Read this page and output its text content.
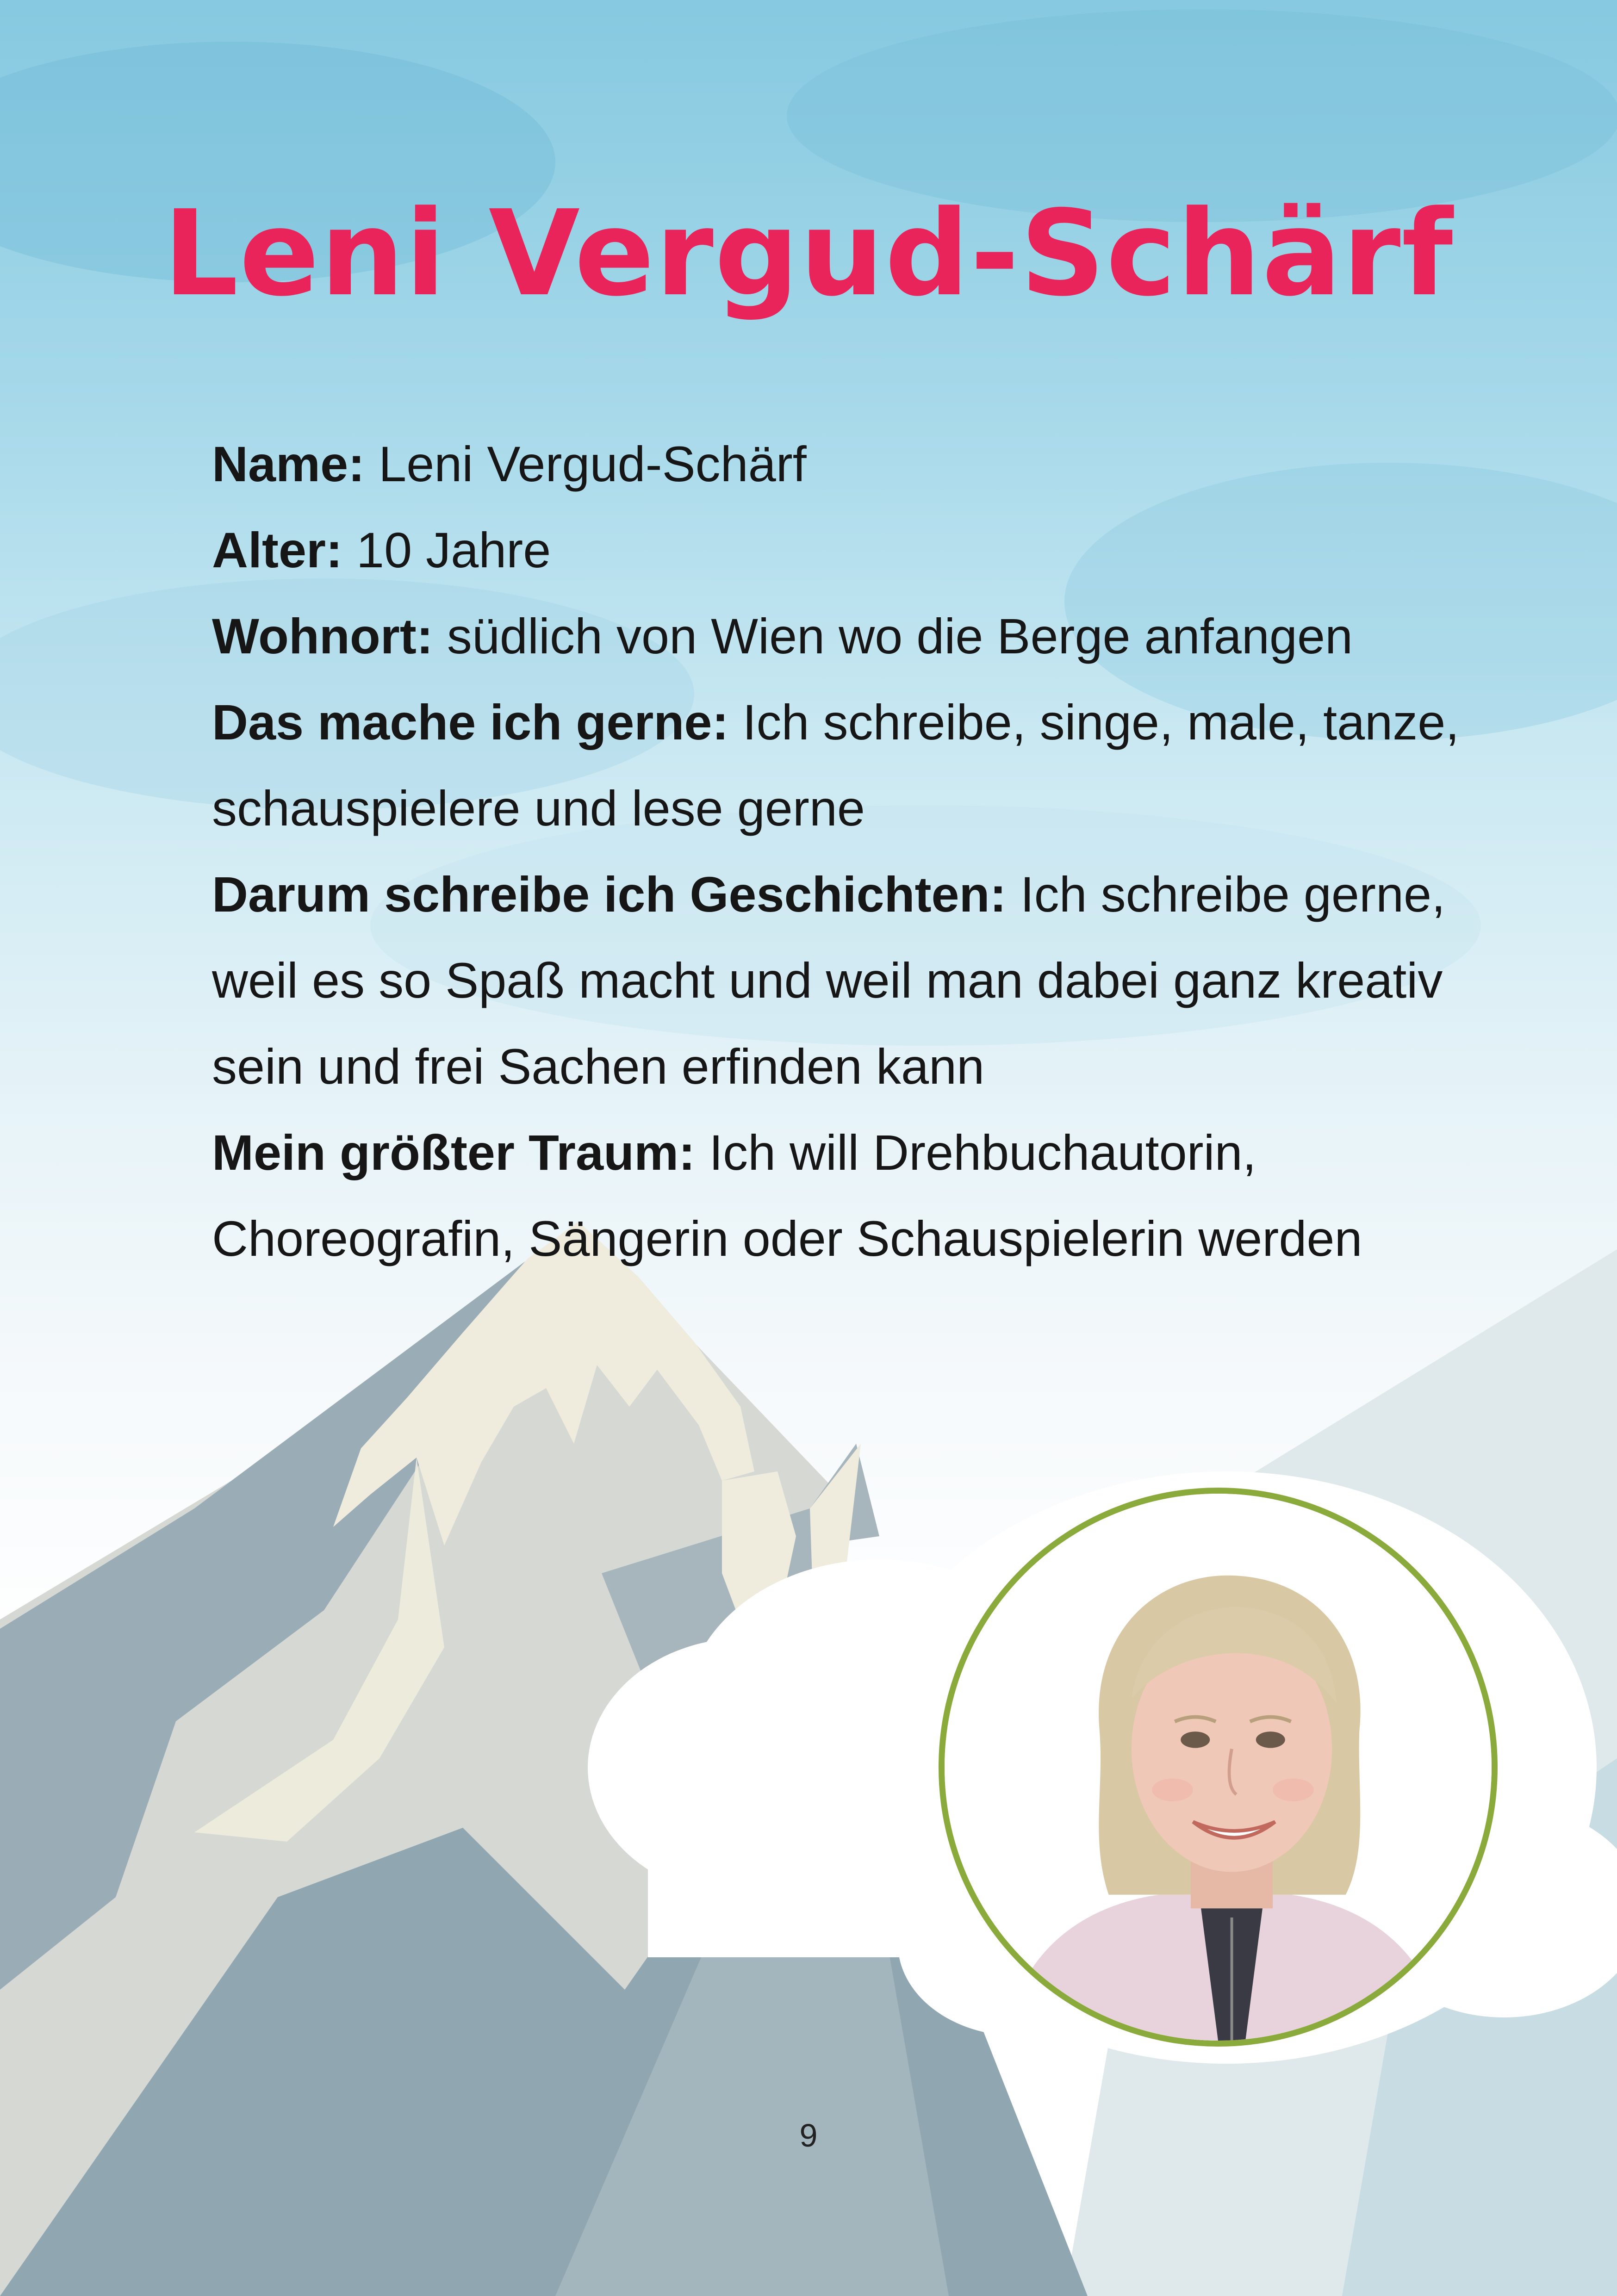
Leni Vergud-Schärf

Name: Leni Vergud-Schärf

Alter: 10 Jahre

Wohnort: südlich von Wien wo die Berge anfangen

Das mache ich gerne: Ich schreibe, singe, male, tanze, schauspielere und lese gerne

Darum schreibe ich Geschichten: Ich schreibe gerne, weil es so Spaß macht und weil man dabei ganz kreativ sein und frei Sachen erfinden kann

Mein größter Traum: Ich will Drehbuchautorin, Choreografin, Sängerin oder Schauspielerin werden

9
